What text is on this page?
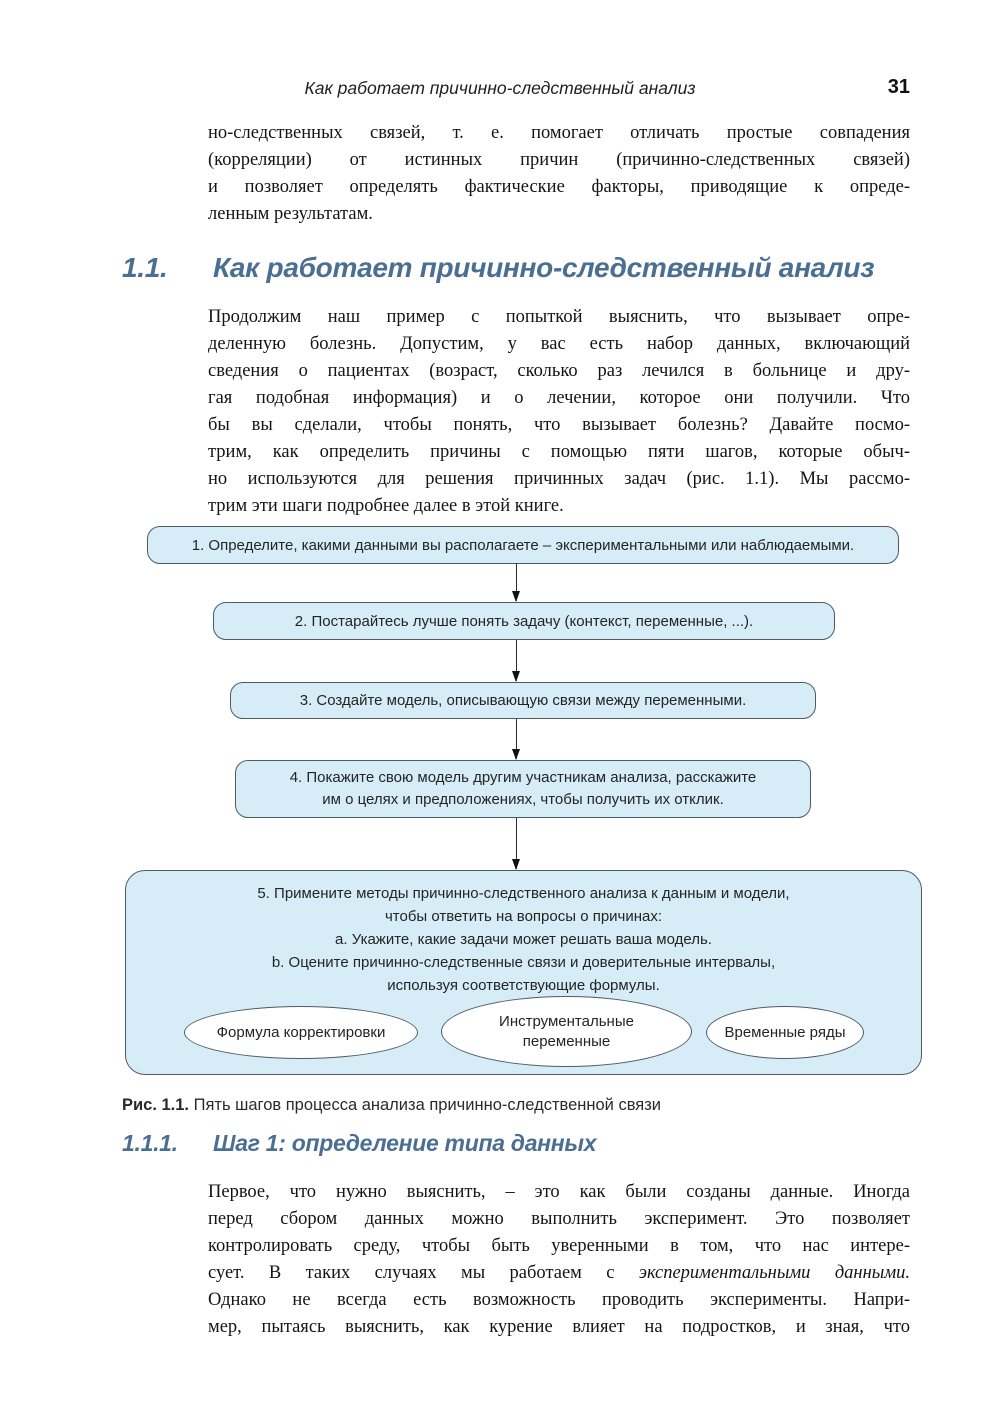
Как работает причинно-следственный анализ	31
но-следственных связей, т. е. помогает отличать простые совпадения
(корреляции) от истинных причин (причинно-следственных связей)
и позволяет определять фактические факторы, приводящие к опреде-
ленным результатам.
1.1.	Как работает причинно-следственный анализ
Продолжим наш пример с попыткой выяснить, что вызывает опре-
деленную болезнь. Допустим, у вас есть набор данных, включающий
сведения о пациентах (возраст, сколько раз лечился в больнице и дру-
гая подобная информация) и о лечении, которое они получили. Что
бы вы сделали, чтобы понять, что вызывает болезнь? Давайте посмо-
трим, как определить причины с помощью пяти шагов, которые обыч-
но используются для решения причинных задач (рис. 1.1). Мы рассмо-
трим эти шаги подробнее далее в этой книге.
1. Определите, какими данными вы располагаете – экспериментальными или наблюдаемыми.
2. Постарайтесь лучше понять задачу (контекст, переменные, ...).
3. Создайте модель, описывающую связи между переменными.
4. Покажите свою модель другим участникам анализа, расскажите
им о целях и предположениях, чтобы получить их отклик.
5. Примените методы причинно-следственного анализа к данным и модели,
чтобы ответить на вопросы о причинах:
a. Укажите, какие задачи может решать ваша модель.
b. Оцените причинно-следственные связи и доверительные интервалы,
используя соответствующие формулы.
Формула корректировки
Инструментальные переменные
Временные ряды
Рис. 1.1. Пять шагов процесса анализа причинно-следственной связи
1.1.1.	Шаг 1: определение типа данных
Первое, что нужно выяснить, – это как были созданы данные. Иногда
перед сбором данных можно выполнить эксперимент. Это позволяет
контролировать среду, чтобы быть уверенными в том, что нас интере-
сует. В таких случаях мы работаем с экспериментальными данными.
Однако не всегда есть возможность проводить эксперименты. Напри-
мер, пытаясь выяснить, как курение влияет на подростков, и зная, что
